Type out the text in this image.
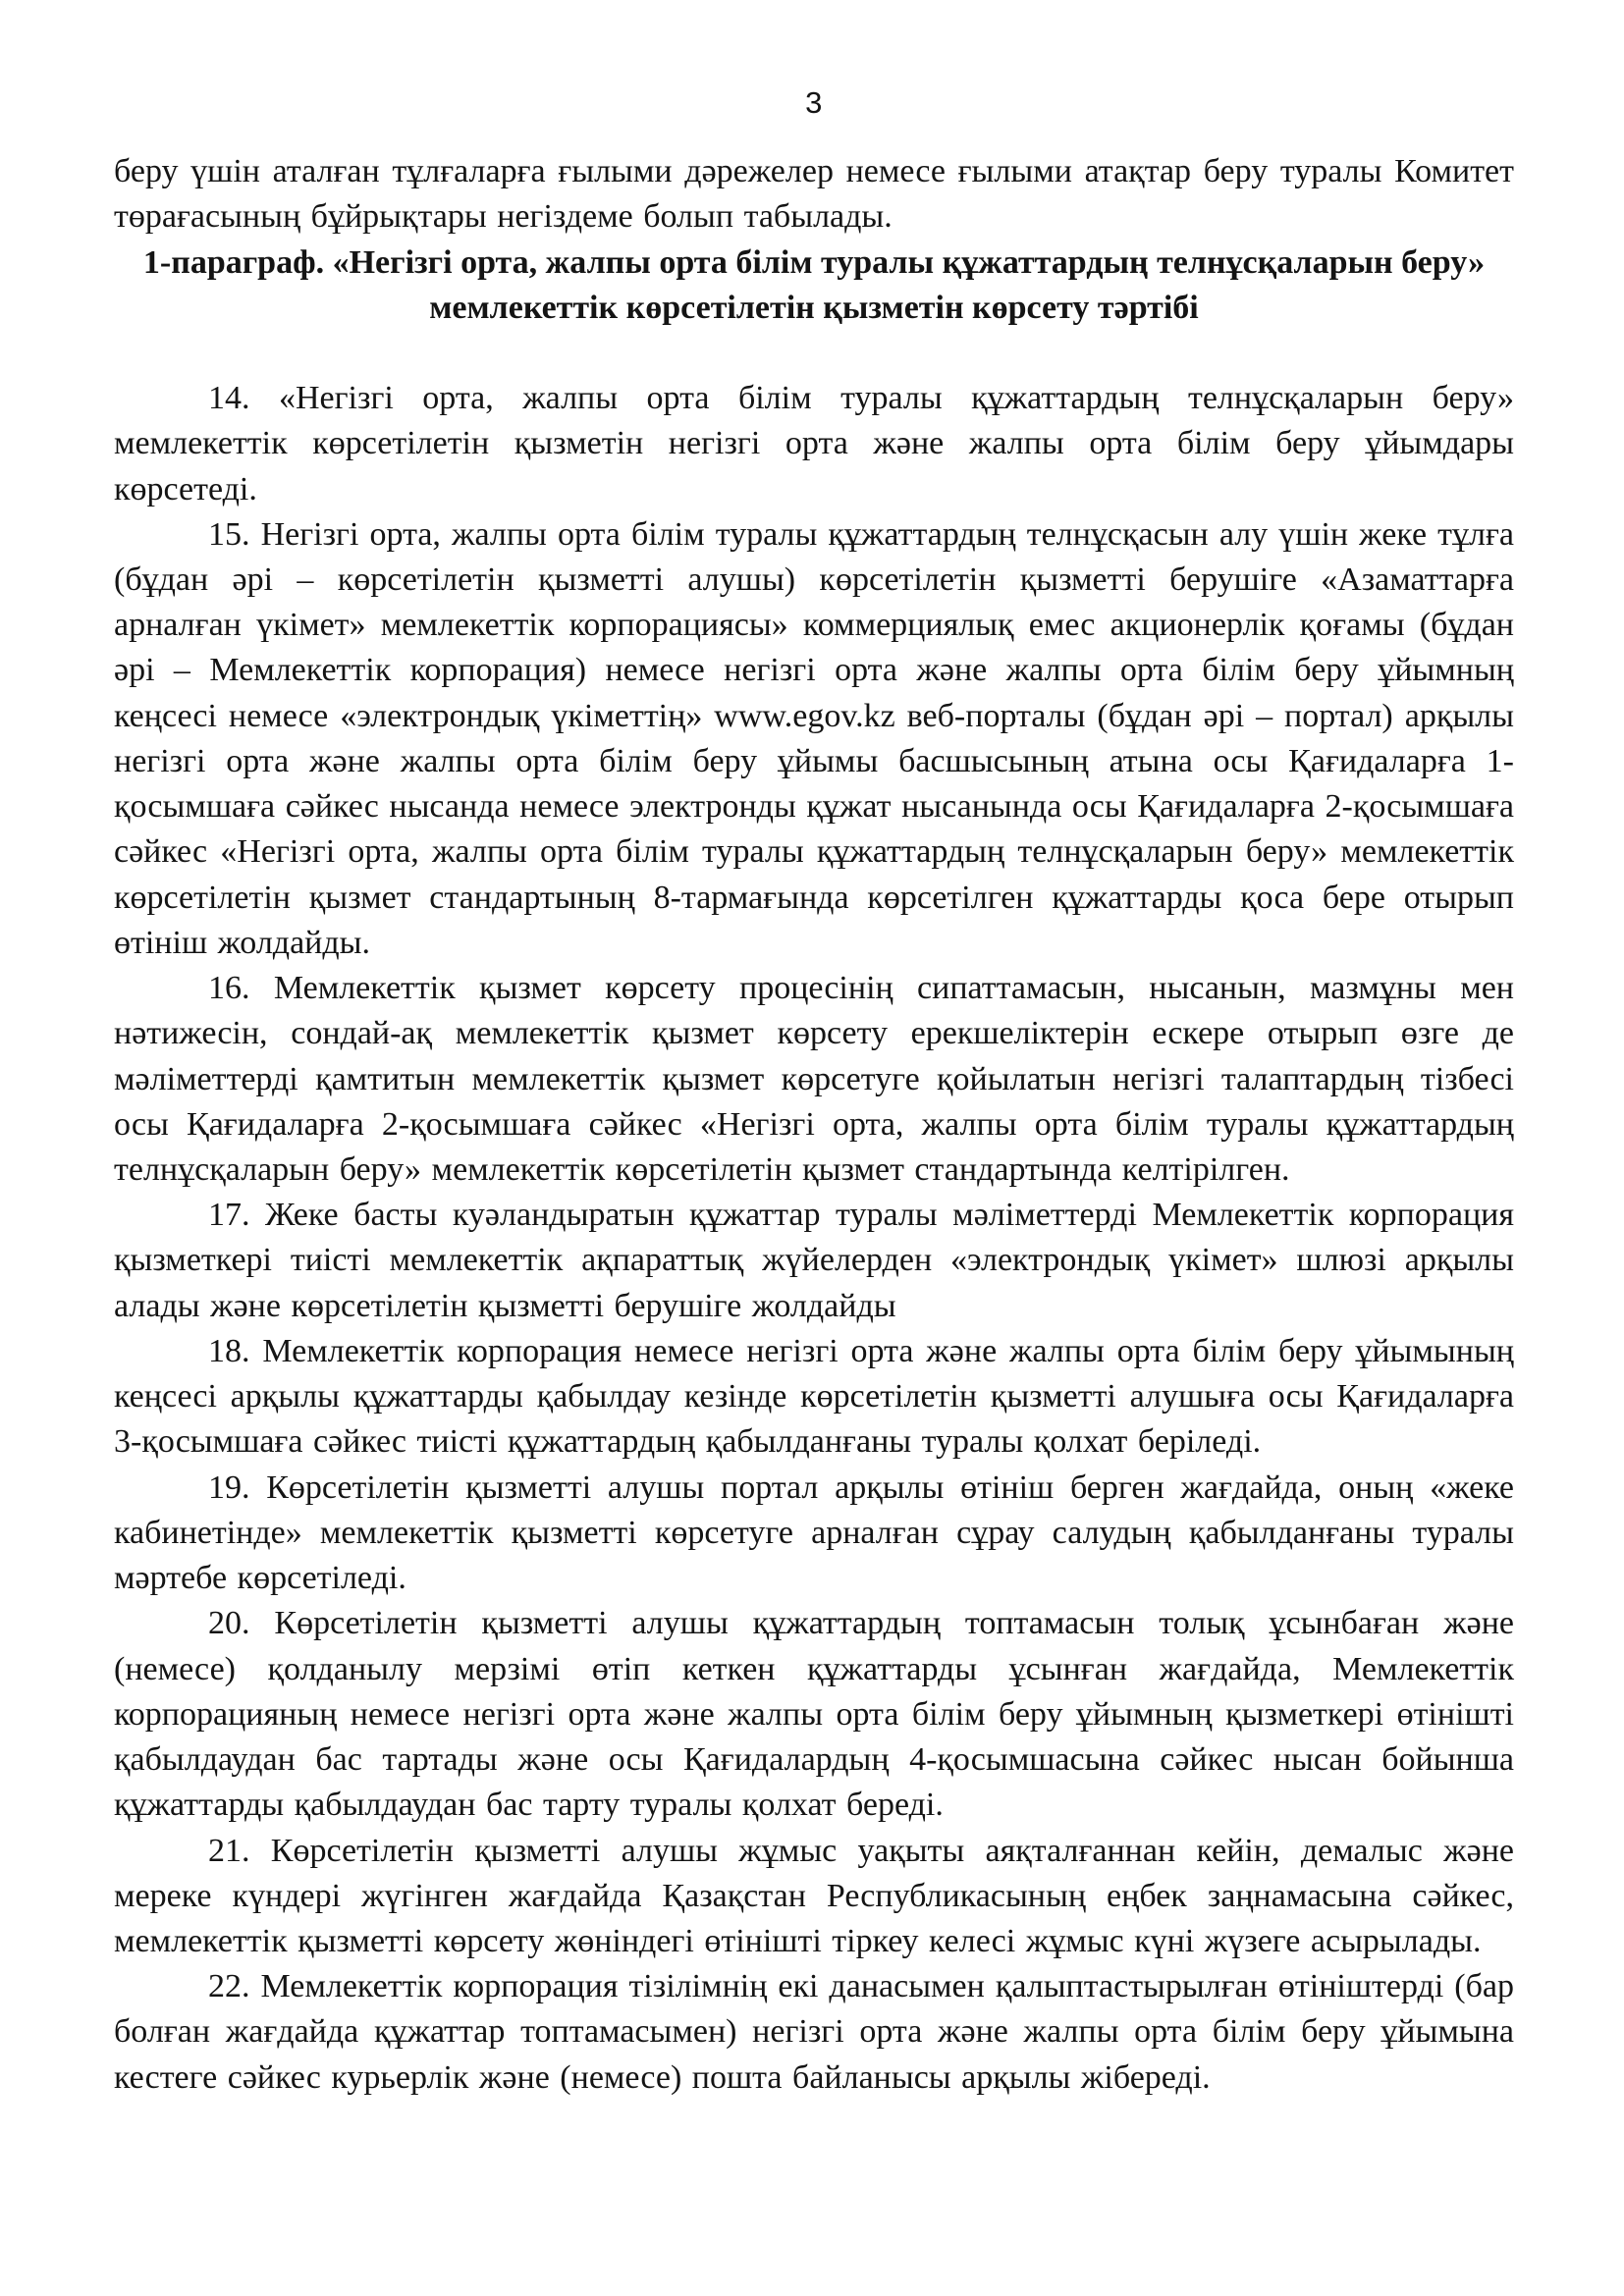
3

беру үшін аталған тұлғаларға ғылыми дәрежелер немесе ғылыми атақтар беру туралы Комитет төрағасының бұйрықтары негіздеме болып табылады.

1-параграф. «Негізгі орта, жалпы орта білім туралы құжаттардың телнұсқаларын беру» мемлекеттік көрсетілетін қызметін көрсету тәртібі

14. «Негізгі орта, жалпы орта білім туралы құжаттардың телнұсқаларын беру» мемлекеттік көрсетілетін қызметін негізгі орта және жалпы орта білім беру ұйымдары көрсетеді.

15. Негізгі орта, жалпы орта білім туралы құжаттардың телнұсқасын алу үшін жеке тұлға (бұдан әрі – көрсетілетін қызметті алушы) көрсетілетін қызметті берушіге «Азаматтарға арналған үкімет» мемлекеттік корпорациясы» коммерциялық емес акционерлік қоғамы (бұдан әрі – Мемлекеттік корпорация) немесе негізгі орта және жалпы орта білім беру ұйымның кеңсесі немесе «электрондық үкіметтің» www.egov.kz веб-порталы (бұдан әрі – портал) арқылы негізгі орта және жалпы орта білім беру ұйымы басшысының атына осы Қағидаларға 1-қосымшаға сәйкес нысанда немесе электронды құжат нысанында осы Қағидаларға 2-қосымшаға сәйкес «Негізгі орта, жалпы орта білім туралы құжаттардың телнұсқаларын беру» мемлекеттік көрсетілетін қызмет стандартының 8-тармағында көрсетілген құжаттарды қоса бере отырып өтініш жолдайды.

16. Мемлекеттік қызмет көрсету процесінің сипаттамасын, нысанын, мазмұны мен нәтижесін, сондай-ақ мемлекеттік қызмет көрсету ерекшеліктерін ескере отырып өзге де мәліметтерді қамтитын мемлекеттік қызмет көрсетуге қойылатын негізгі талаптардың тізбесі осы Қағидаларға 2-қосымшаға сәйкес «Негізгі орта, жалпы орта білім туралы құжаттардың телнұсқаларын беру» мемлекеттік көрсетілетін қызмет стандартында келтірілген.

17. Жеке басты куәландыратын құжаттар туралы мәліметтерді Мемлекеттік корпорация қызметкері тиісті мемлекеттік ақпараттық жүйелерден «электрондық үкімет» шлюзі арқылы алады және көрсетілетін қызметті берушіге жолдайды

18. Мемлекеттік корпорация немесе негізгі орта және жалпы орта білім беру ұйымының кеңсесі арқылы құжаттарды қабылдау кезінде көрсетілетін қызметті алушыға осы Қағидаларға 3-қосымшаға сәйкес тиісті құжаттардың қабылданғаны туралы қолхат беріледі.

19. Көрсетілетін қызметті алушы портал арқылы өтініш берген жағдайда, оның «жеке кабинетінде» мемлекеттік қызметті көрсетуге арналған сұрау салудың қабылданғаны туралы мәртебе көрсетіледі.

20. Көрсетілетін қызметті алушы құжаттардың топтамасын толық ұсынбаған және (немесе) қолданылу мерзімі өтіп кеткен құжаттарды ұсынған жағдайда, Мемлекеттік корпорацияның немесе негізгі орта және жалпы орта білім беру ұйымның қызметкері өтінішті қабылдаудан бас тартады және осы Қағидалардың 4-қосымшасына сәйкес нысан бойынша құжаттарды қабылдаудан бас тарту туралы қолхат береді.

21. Көрсетілетін қызметті алушы жұмыс уақыты аяқталғаннан кейін, демалыс және мереке күндері жүгінген жағдайда Қазақстан Республикасының еңбек заңнамасына сәйкес, мемлекеттік қызметті көрсету жөніндегі өтінішті тіркеу келесі жұмыс күні жүзеге асырылады.

22. Мемлекеттік корпорация тізілімнің екі данасымен қалыптастырылған өтініштерді (бар болған жағдайда құжаттар топтамасымен) негізгі орта және жалпы орта білім беру ұйымына кестеге сәйкес курьерлік және (немесе) пошта байланысы арқылы жібереді.
